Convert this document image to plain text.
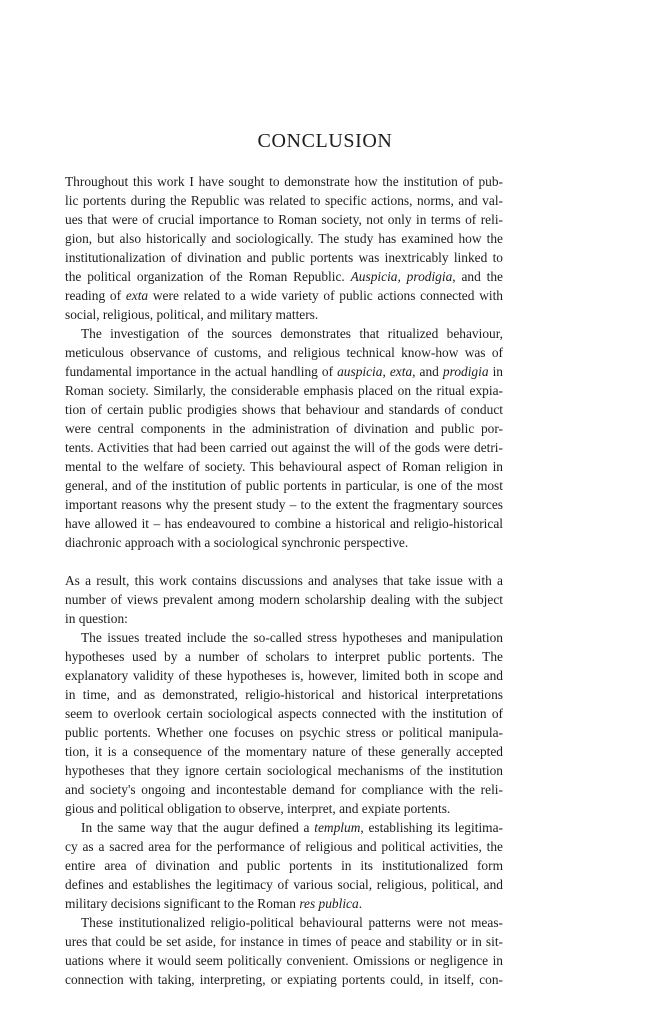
CONCLUSION

Throughout this work I have sought to demonstrate how the institution of pub-
lic portents during the Republic was related to specific actions, norms, and val-
ues that were of crucial importance to Roman society, not only in terms of reli-
gion, but also historically and sociologically. The study has examined how the
institutionalization of divination and public portents was inextricably linked to
the political organization of the Roman Republic. Auspicia, prodigia, and the
reading of exta were related to a wide variety of public actions connected with
social, religious, political, and military matters.

The investigation of the sources demonstrates that ritualized behaviour,
meticulous observance of customs, and religious technical know-how was of
fundamental importance in the actual handling of auspicia, exta, and prodigia in
Roman society. Similarly, the considerable emphasis placed on the ritual expia-
tion of certain public prodigies shows that behaviour and standards of conduct
were central components in the administration of divination and public por-
tents. Activities that had been carried out against the will of the gods were detri-
mental to the welfare of society. This behavioural aspect of Roman religion in
general, and of the institution of public portents in particular, is one of the most
important reasons why the present study – to the extent the fragmentary sources
have allowed it – has endeavoured to combine a historical and religio-historical
diachronic approach with a sociological synchronic perspective.

As a result, this work contains discussions and analyses that take issue with a
number of views prevalent among modern scholarship dealing with the subject
in question:

The issues treated include the so-called stress hypotheses and manipulation
hypotheses used by a number of scholars to interpret public portents. The
explanatory validity of these hypotheses is, however, limited both in scope and
in time, and as demonstrated, religio-historical and historical interpretations
seem to overlook certain sociological aspects connected with the institution of
public portents. Whether one focuses on psychic stress or political manipula-
tion, it is a consequence of the momentary nature of these generally accepted
hypotheses that they ignore certain sociological mechanisms of the institution
and society's ongoing and incontestable demand for compliance with the reli-
gious and political obligation to observe, interpret, and expiate portents.

In the same way that the augur defined a templum, establishing its legitima-
cy as a sacred area for the performance of religious and political activities, the
entire area of divination and public portents in its institutionalized form
defines and establishes the legitimacy of various social, religious, political, and
military decisions significant to the Roman res publica.

These institutionalized religio-political behavioural patterns were not meas-
ures that could be set aside, for instance in times of peace and stability or in sit-
uations where it would seem politically convenient. Omissions or negligence in
connection with taking, interpreting, or expiating portents could, in itself, con-
